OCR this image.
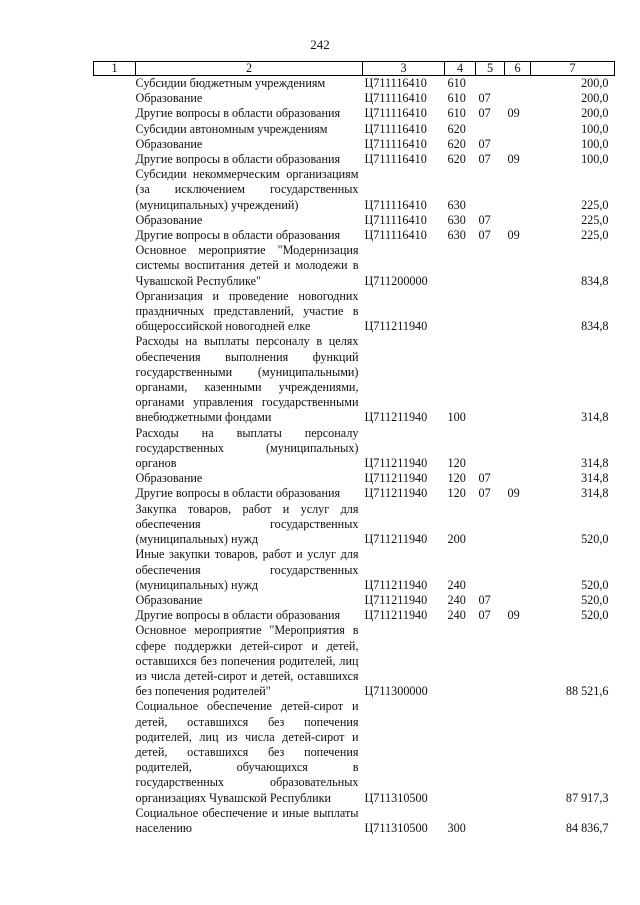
242
1	2	3	4	5	6	7
	Субсидии бюджетным учреждениям	Ц711116410	610			200,0
	Образование	Ц711116410	610	07		200,0
	Другие вопросы в области образования	Ц711116410	610	07	09	200,0
	Субсидии автономным учреждениям	Ц711116410	620			100,0
	Образование	Ц711116410	620	07		100,0
	Другие вопросы в области образования	Ц711116410	620	07	09	100,0
	Субсидии некоммерческим организациям (за исключением государственных (муниципальных) учреждений)	Ц711116410	630			225,0
	Образование	Ц711116410	630	07		225,0
	Другие вопросы в области образования	Ц711116410	630	07	09	225,0
	Основное мероприятие "Модернизация системы воспитания детей и молодежи в Чувашской Республике"	Ц711200000				834,8
	Организация и проведение новогодних праздничных представлений, участие в общероссийской новогодней елке	Ц711211940				834,8
	Расходы на выплаты персоналу в целях обеспечения выполнения функций государственными (муниципальными) органами, казенными учреждениями, органами управления государственными внебюджетными фондами	Ц711211940	100			314,8
	Расходы на выплаты персоналу государственных (муниципальных) органов	Ц711211940	120			314,8
	Образование	Ц711211940	120	07		314,8
	Другие вопросы в области образования	Ц711211940	120	07	09	314,8
	Закупка товаров, работ и услуг для обеспечения государственных (муниципальных) нужд	Ц711211940	200			520,0
	Иные закупки товаров, работ и услуг для обеспечения государственных (муниципальных) нужд	Ц711211940	240			520,0
	Образование	Ц711211940	240	07		520,0
	Другие вопросы в области образования	Ц711211940	240	07	09	520,0
	Основное мероприятие "Мероприятия в сфере поддержки детей-сирот и детей, оставшихся без попечения родителей, лиц из числа детей-сирот и детей, оставшихся без попечения родителей"	Ц711300000				88 521,6
	Социальное обеспечение детей-сирот и детей, оставшихся без попечения родителей, лиц из числа детей-сирот и детей, оставшихся без попечения родителей, обучающихся в государственных образовательных организациях Чувашской Республики	Ц711310500				87 917,3
	Социальное обеспечение и иные выплаты населению	Ц711310500	300			84 836,7
